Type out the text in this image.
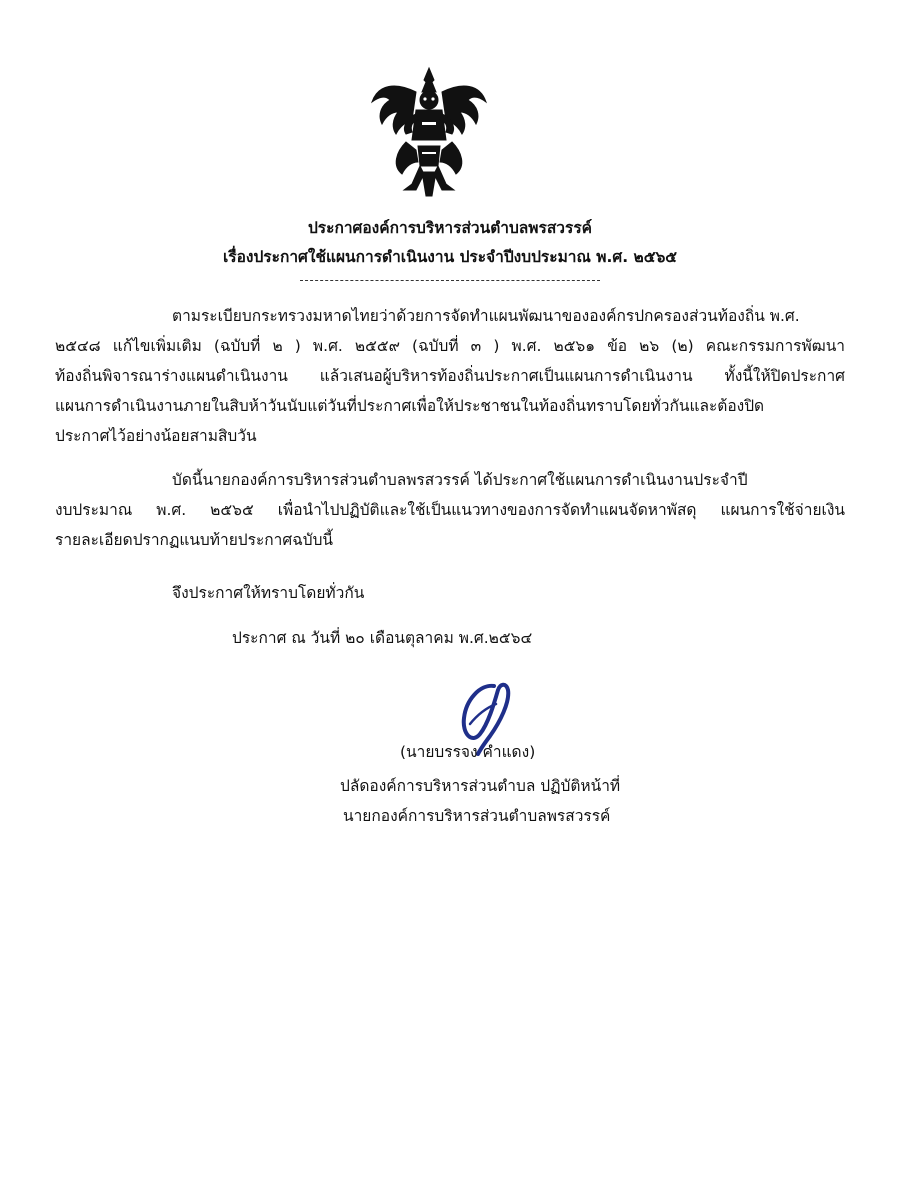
ประกาศองค์การบริหารส่วนตำบลพรสวรรค์
เรื่องประกาศใช้แผนการดำเนินงาน ประจำปีงบประมาณ พ.ศ. ๒๕๖๕
ตามระเบียบกระทรวงมหาดไทยว่าด้วยการจัดทำแผนพัฒนาขององค์กรปกครองส่วนท้องถิ่น พ.ศ.
๒๕๔๘ แก้ไขเพิ่มเติม (ฉบับที่ ๒ ) พ.ศ. ๒๕๕๙ (ฉบับที่ ๓ ) พ.ศ. ๒๕๖๑ ข้อ ๒๖ (๒) คณะกรรมการพัฒนา
ท้องถิ่นพิจารณาร่างแผนดำเนินงาน แล้วเสนอผู้บริหารท้องถิ่นประกาศเป็นแผนการดำเนินงาน ทั้งนี้ให้ปิดประกาศ
แผนการดำเนินงานภายในสิบห้าวันนับแต่วันที่ประกาศเพื่อให้ประชาชนในท้องถิ่นทราบโดยทั่วกันและต้องปิด
ประกาศไว้อย่างน้อยสามสิบวัน
บัดนี้นายกองค์การบริหารส่วนตำบลพรสวรรค์ ได้ประกาศใช้แผนการดำเนินงานประจำปี
งบประมาณ พ.ศ. ๒๕๖๕ เพื่อนำไปปฏิบัติและใช้เป็นแนวทางของการจัดทำแผนจัดหาพัสดุ แผนการใช้จ่ายเงิน
รายละเอียดปรากฏแนบท้ายประกาศฉบับนี้
จึงประกาศให้ทราบโดยทั่วกัน
ประกาศ ณ วันที่ ๒๐ เดือนตุลาคม พ.ศ.๒๕๖๔
(นายบรรจง คำแดง)
ปลัดองค์การบริหารส่วนตำบล ปฏิบัติหน้าที่
นายกองค์การบริหารส่วนตำบลพรสวรรค์
